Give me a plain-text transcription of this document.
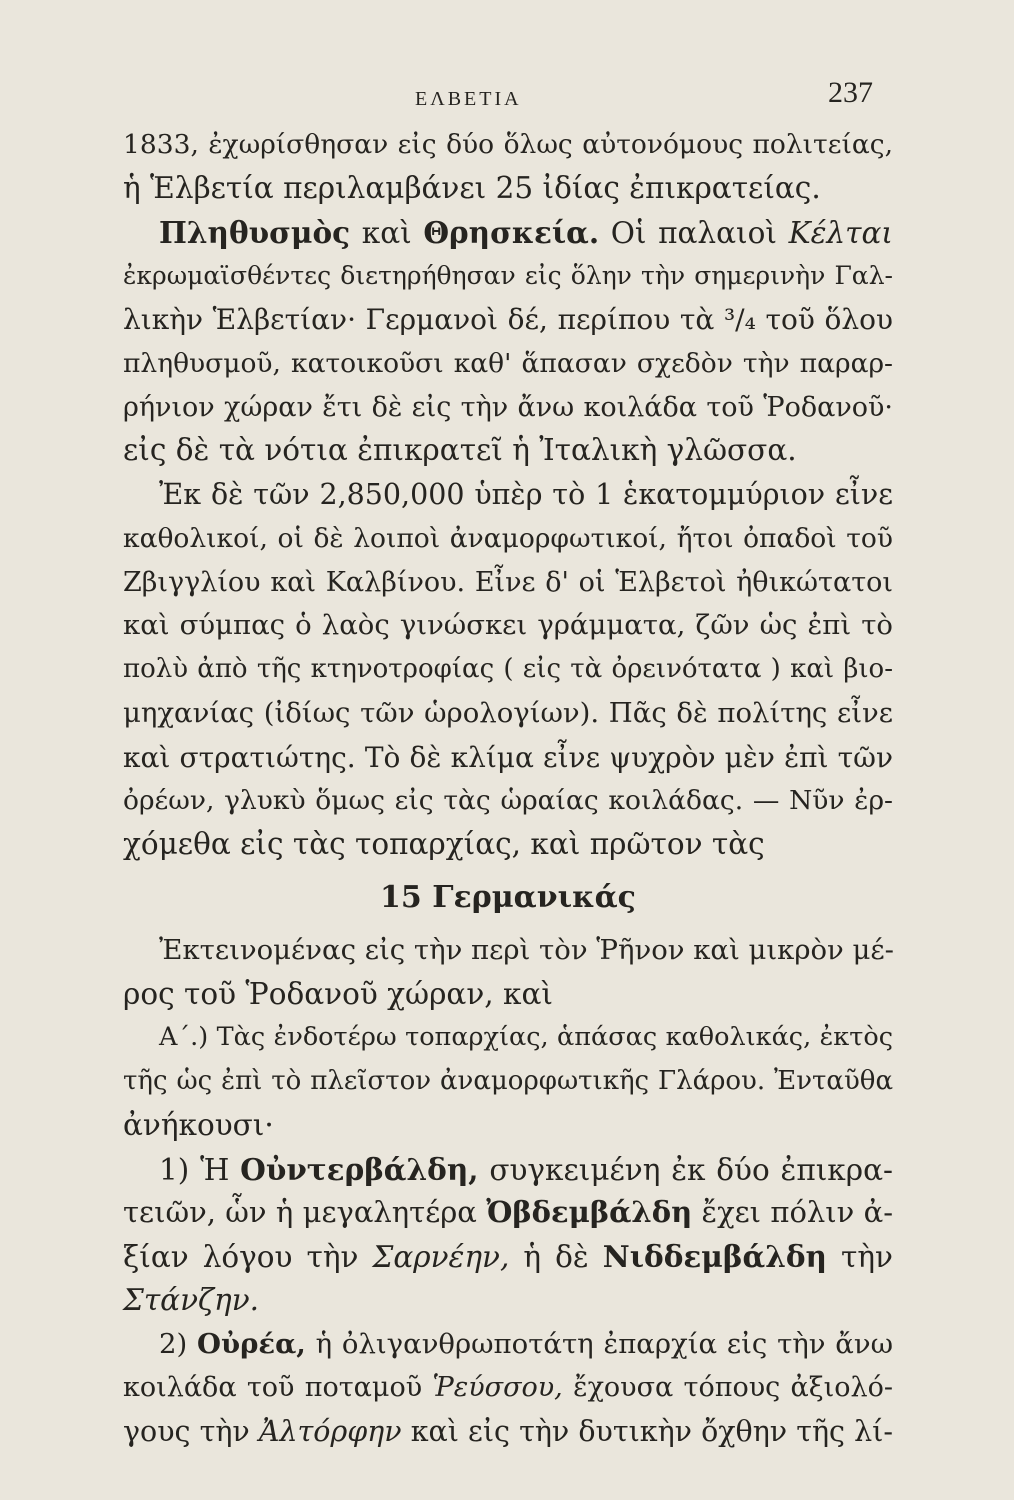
ΕΛΒΕΤΙΑ	237
1833, ἐχωρίσθησαν εἰς δύο ὅλως αὐτονόμους πολιτείας,
ἡ Ἑλβετία περιλαμβάνει 25 ἰδίας ἐπικρατείας.
Πληθυσμὸς καὶ Θρησκεία. Οἱ παλαιοὶ Κέλται
ἐκρωμαϊσθέντες διετηρήθησαν εἰς ὅλην τὴν σημερινὴν Γαλ-
λικὴν Ἑλβετίαν· Γερμανοὶ δέ, περίπου τὰ ³/₄ τοῦ ὅλου
πληθυσμοῦ, κατοικοῦσι καθ' ἅπασαν σχεδὸν τὴν παραρ-
ρήνιον χώραν ἔτι δὲ εἰς τὴν ἄνω κοιλάδα τοῦ Ῥοδανοῦ·
εἰς δὲ τὰ νότια ἐπικρατεῖ ἡ Ἰταλικὴ γλῶσσα.
Ἐκ δὲ τῶν 2,850,000 ὑπὲρ τὸ 1 ἑκατομμύριον εἶνε
καθολικοί, οἱ δὲ λοιποὶ ἀναμορφωτικοί, ἤτοι ὀπαδοὶ τοῦ
Ζβιγγλίου καὶ Καλβίνου. Εἶνε δ' οἱ Ἑλβετοὶ ἠθικώτατοι
καὶ σύμπας ὁ λαὸς γινώσκει γράμματα, ζῶν ὡς ἐπὶ τὸ
πολὺ ἀπὸ τῆς κτηνοτροφίας ( εἰς τὰ ὀρεινότατα ) καὶ βιο-
μηχανίας (ἰδίως τῶν ὡρολογίων). Πᾶς δὲ πολίτης εἶνε
καὶ στρατιώτης. Τὸ δὲ κλίμα εἶνε ψυχρὸν μὲν ἐπὶ τῶν
ὀρέων, γλυκὺ ὅμως εἰς τὰς ὡραίας κοιλάδας. — Νῦν ἐρ-
χόμεθα εἰς τὰς τοπαρχίας, καὶ πρῶτον τὰς
15 Γερμανικάς
Ἐκτεινομένας εἰς τὴν περὶ τὸν Ῥῆνον καὶ μικρὸν μέ-
ρος τοῦ Ῥοδανοῦ χώραν, καὶ
Α΄.) Τὰς ἐνδοτέρω τοπαρχίας, ἁπάσας καθολικάς, ἐκτὸς
τῆς ὡς ἐπὶ τὸ πλεῖστον ἀναμορφωτικῆς Γλάρου. Ἐνταῦθα
ἀνήκουσι·
1) Ἡ Οὐντερβάλδη, συγκειμένη ἐκ δύο ἐπικρα-
τειῶν, ὧν ἡ μεγαλητέρα Ὀβδεμβάλδη ἔχει πόλιν ἀ-
ξίαν λόγου τὴν Σαρνέην, ἡ δὲ Νιδδεμβάλδη τὴν
Στάνζην.
2) Οὐρέα, ἡ ὀλιγανθρωποτάτη ἐπαρχία εἰς τὴν ἄνω
κοιλάδα τοῦ ποταμοῦ Ῥεύσσου, ἔχουσα τόπους ἀξιολό-
γους τὴν Ἀλτόρφην καὶ εἰς τὴν δυτικὴν ὄχθην τῆς λί-
